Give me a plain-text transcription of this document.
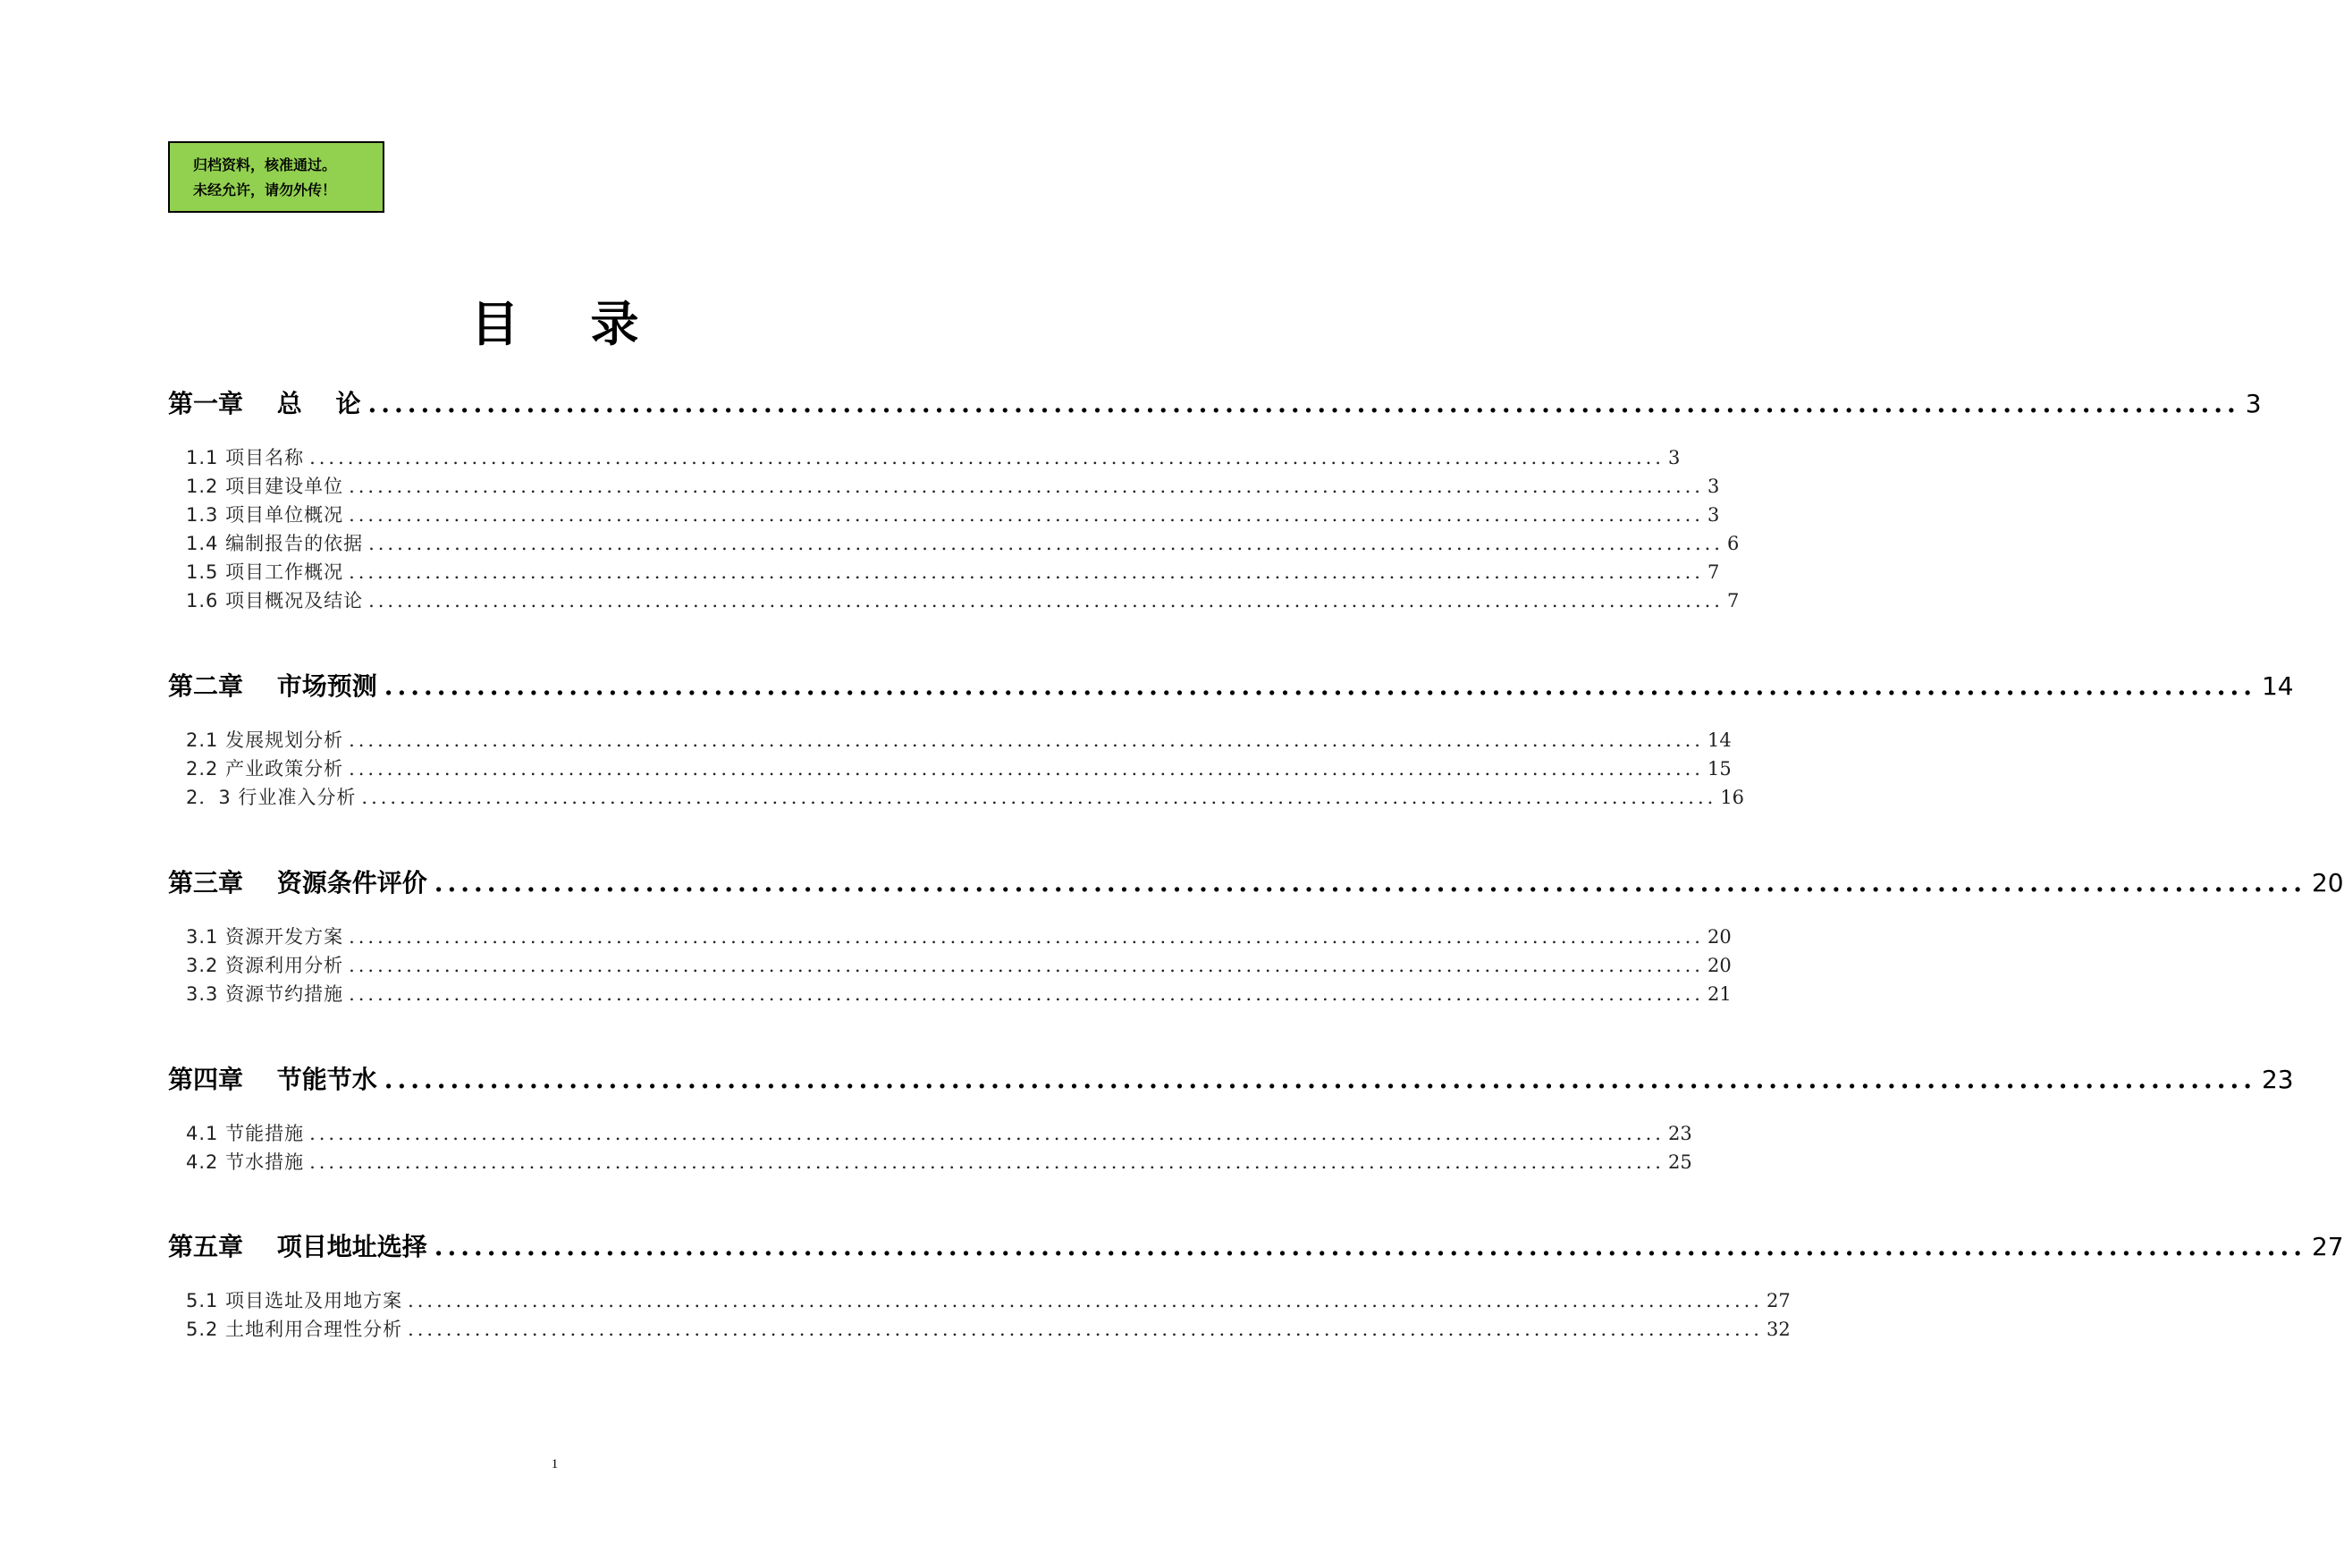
归档资料，核准通过。
未经允许，请勿外传！
目录
第一章 总 论 .............................................................................................................................................. 3
1.1 项目名称 .............................................................................................................................................. 3
1.2 项目建设单位 .............................................................................................................................................. 3
1.3 项目单位概况 .............................................................................................................................................. 3
1.4 编制报告的依据 .............................................................................................................................................. 6
1.5 项目工作概况 .............................................................................................................................................. 7
1.6 项目概况及结论 .............................................................................................................................................. 7
第二章 市场预测 .............................................................................................................................................. 14
2.1 发展规划分析 .............................................................................................................................................. 14
2.2 产业政策分析 .............................................................................................................................................. 15
2．3 行业准入分析 .............................................................................................................................................. 16
第三章 资源条件评价 .............................................................................................................................................. 20
3.1 资源开发方案 .............................................................................................................................................. 20
3.2 资源利用分析 .............................................................................................................................................. 20
3.3 资源节约措施 .............................................................................................................................................. 21
第四章 节能节水 .............................................................................................................................................. 23
4.1 节能措施 .............................................................................................................................................. 23
4.2 节水措施 .............................................................................................................................................. 25
第五章 项目地址选择 .............................................................................................................................................. 27
5.1 项目选址及用地方案 .............................................................................................................................................. 27
5.2 土地利用合理性分析 .............................................................................................................................................. 32
1
